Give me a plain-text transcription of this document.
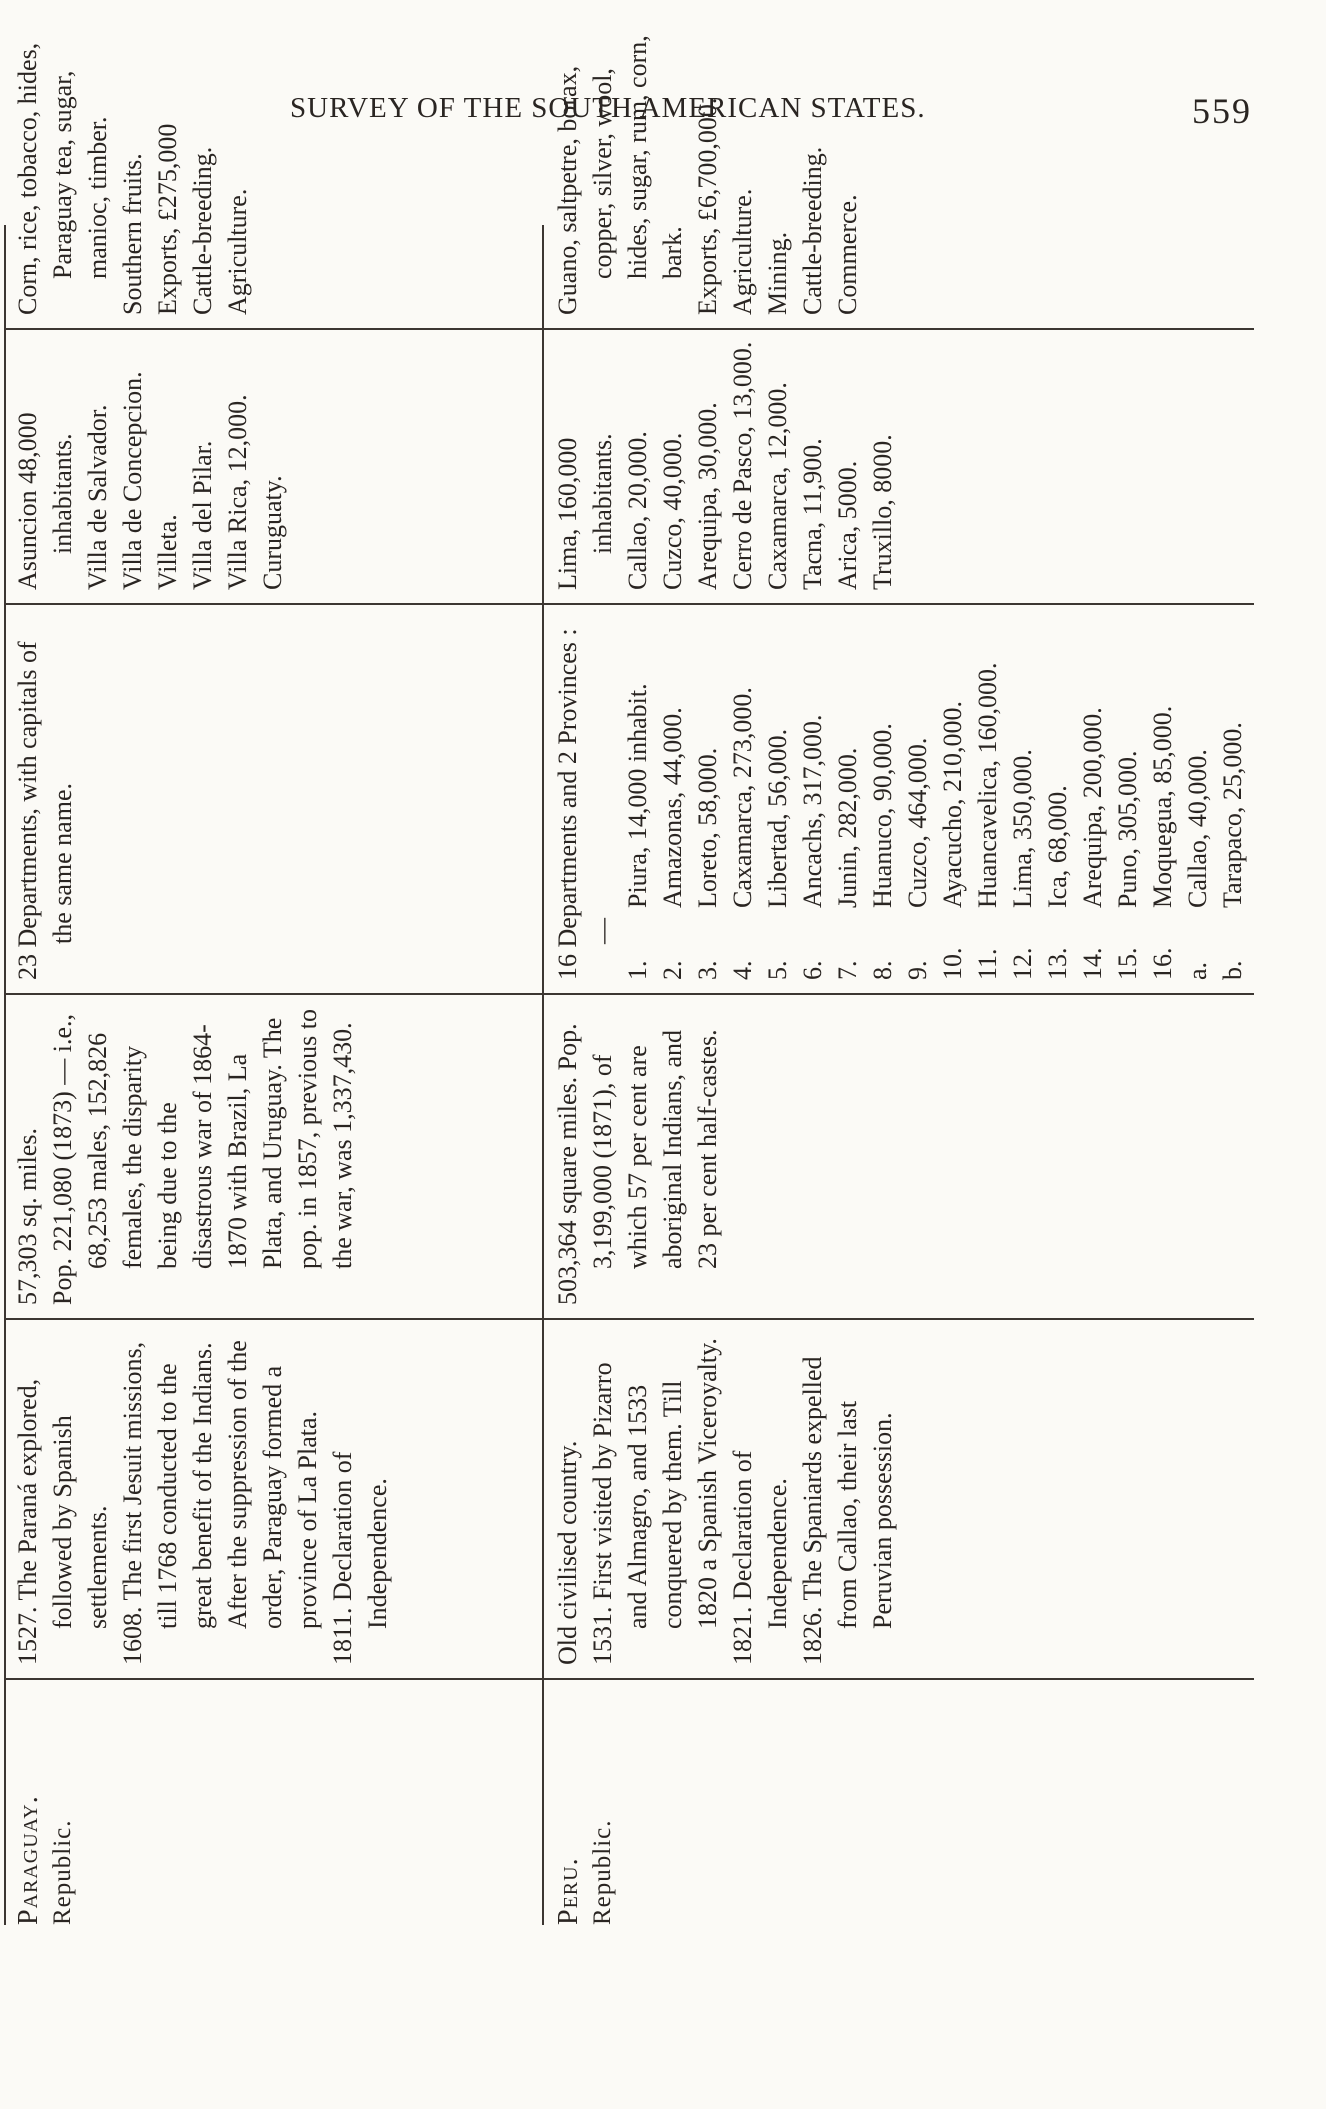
SURVEY OF THE SOUTH AMERICAN STATES.	559
Paraguay. Republic.

1527. The Paraná explored, followed by Spanish settlements. 1608. The first Jesuit missions, till 1768 conducted to the great benefit of the Indians. After the suppression of the order, Paraguay formed a province of La Plata. 1811. Declaration of Independence.

57,303 sq. miles. Pop. 221,080 (1873) — i.e., 68,253 males, 152,826 females, the disparity being due to the disastrous war of 1864-1870 with Brazil, La Plata, and Uruguay. The pop. in 1857, previous to the war, was 1,337,430.

23 Departments, with capitals of the same name.

Asuncion 48,000 inhabitants. Villa de Salvador. Villa de Concepcion. Villeta. Villa del Pilar. Villa Rica, 12,000. Curuguaty.

Corn, rice, tobacco, hides, Paraguay tea, sugar, manioc, timber. Southern fruits. Exports, £275,000 Cattle-breeding. Agriculture.

Peru. Republic.

Old civilised country. 1531. First visited by Pizarro and Almagro, and 1533 conquered by them. Till 1820 a Spanish Viceroyalty. 1821. Declaration of Independence. 1826. The Spaniards expelled from Callao, their last Peruvian possession.

503,364 square miles. Pop. 3,199,000 (1871), of which 57 per cent are aboriginal Indians, and 23 per cent half-castes.

16 Departments and 2 Provinces :—

1.Piura, 14,000 inhabit.

2.Amazonas, 44,000.

3.Loreto, 58,000.

4.Caxamarca, 273,000.

5.Libertad, 56,000.

6.Ancachs, 317,000.

7.Junin, 282,000.

8.Huanuco, 90,000.

9.Cuzco, 464,000.

10.Ayacucho, 210,000.

11.Huancavelica, 160,000.

12.Lima, 350,000.

13.Ica, 68,000.

14.Arequipa, 200,000.

15.Puno, 305,000.

16.Moquegua, 85,000.

a.Callao, 40,000.

b.Tarapaco, 25,000.

Lima, 160,000 inhabitants. Callao, 20,000. Cuzco, 40,000. Arequipa, 30,000. Cerro de Pasco, 13,000. Caxamarca, 12,000. Tacna, 11,900. Arica, 5000. Truxillo, 8000.

Guano, saltpetre, borax, copper, silver, wool, hides, sugar, rum, corn, bark. Exports, £6,700,000. Agriculture. Mining. Cattle-breeding. Commerce.
